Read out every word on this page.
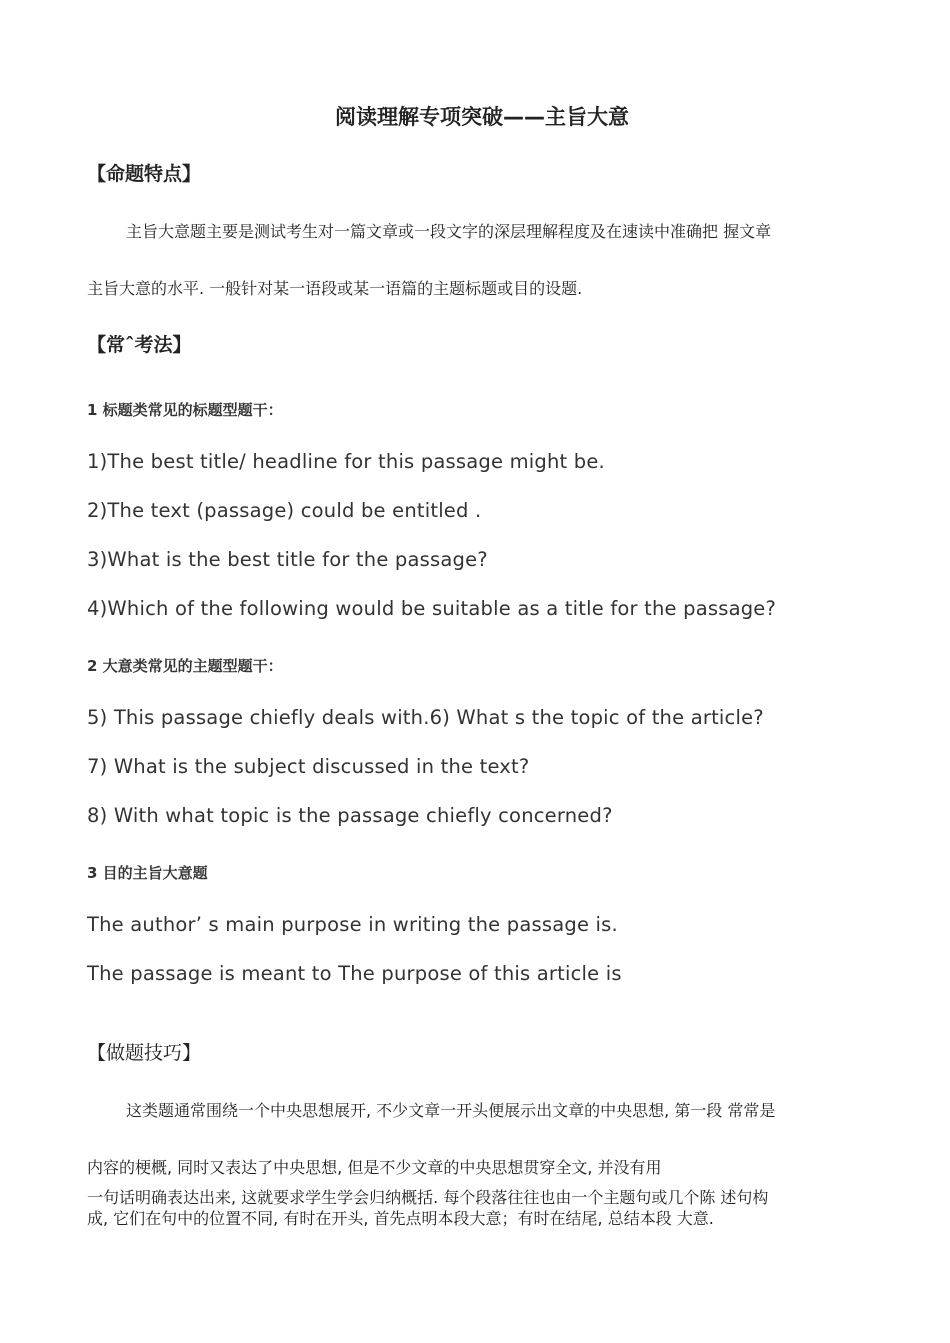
阅读理解专项突破——主旨大意
【命题特点】

主旨大意题主要是测试考生对一篇文章或一段文字的深层理解程度及在速读中准确把 握文章

主旨大意的水平. 一般针对某一语段或某一语篇的主题标题或目的设题.

【常ˆ考法】
1 标题类常见的标题型题干：

1)The best title/ headline for this passage might be.

2)The text (passage) could be entitled .

3)What is the best title for the passage?

4)Which of the following would be suitable as a title for the passage?

2 大意类常见的主题型题干：

5) This passage chiefly deals with.6) What s the topic of the article?

7) What is the subject discussed in the text?

8) With what topic is the passage chiefly concerned?

3 目的主旨大意题

The author’ s main purpose in writing the passage is.

The passage is meant to The purpose of this article is

【做题技巧】

这类题通常围绕一个中央思想展开, 不少文章一开头便展示出文章的中央思想, 第一段 常常是

内容的梗概, 同时又表达了中央思想, 但是不少文章的中央思想贯穿全文, 并没有用

一句话明确表达出来, 这就要求学生学会归纳概括. 每个段落往往也由一个主题句或几个陈 述句构

成, 它们在句中的位置不同, 有时在开头, 首先点明本段大意；有时在结尾, 总结本段 大意.
